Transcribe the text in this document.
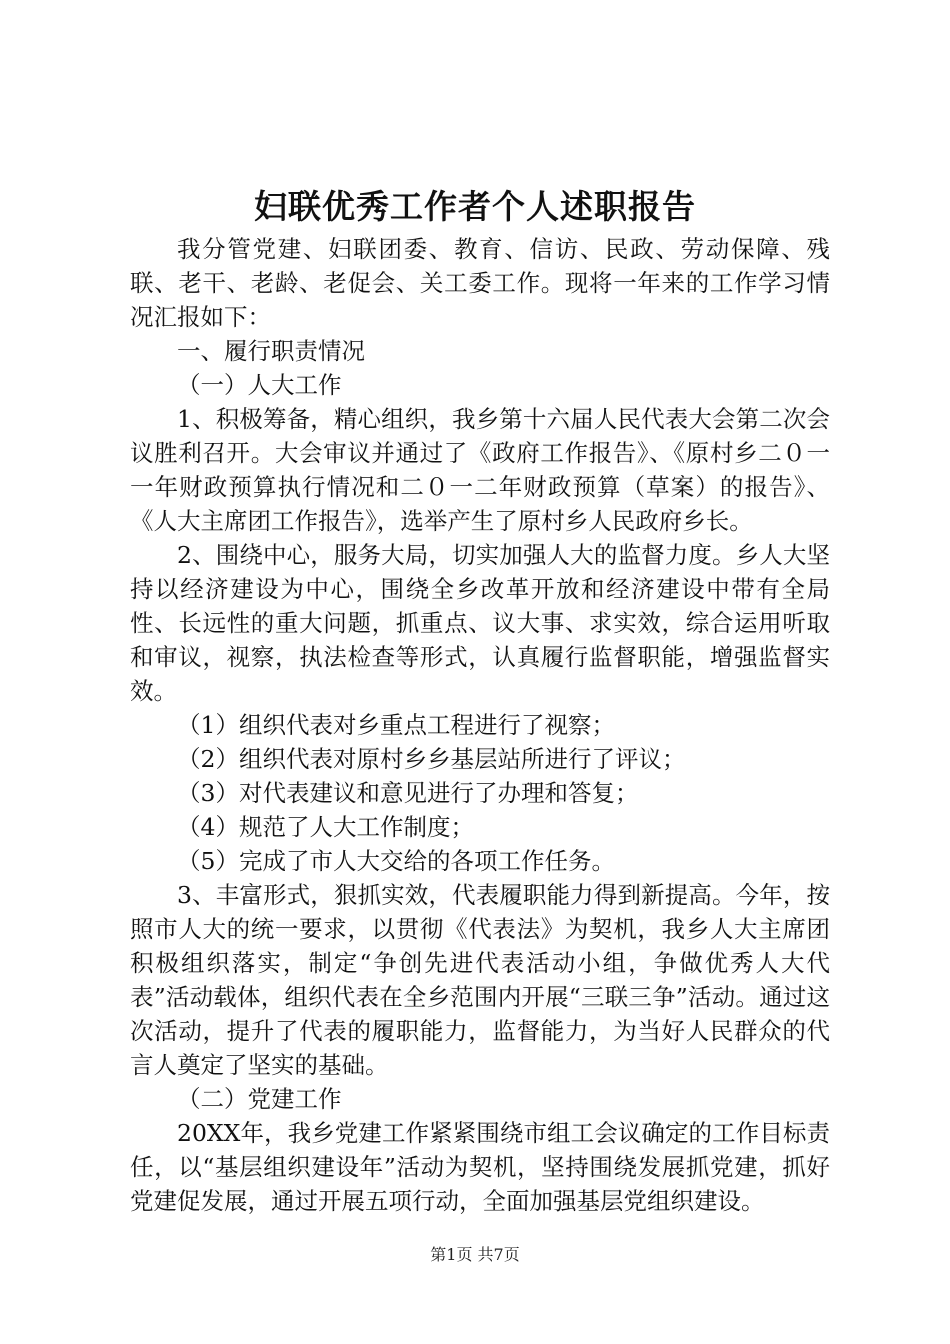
妇联优秀工作者个人述职报告

我分管党建、妇联团委、教育、信访、民政、劳动保障、残联、老干、老龄、老促会、关工委工作。现将一年来的工作学习情况汇报如下：

一、履行职责情况

（一）人大工作

1、积极筹备，精心组织，我乡第十六届人民代表大会第二次会议胜利召开。大会审议并通过了《政府工作报告》、《原村乡二０一一年财政预算执行情况和二０一二年财政预算（草案）的报告》、《人大主席团工作报告》，选举产生了原村乡人民政府乡长。

2、围绕中心，服务大局，切实加强人大的监督力度。乡人大坚持以经济建设为中心，围绕全乡改革开放和经济建设中带有全局性、长远性的重大问题，抓重点、议大事、求实效，综合运用听取和审议，视察，执法检查等形式，认真履行监督职能，增强监督实效。

（1）组织代表对乡重点工程进行了视察；

（2）组织代表对原村乡乡基层站所进行了评议；

（3）对代表建议和意见进行了办理和答复；

（4）规范了人大工作制度；

（5）完成了市人大交给的各项工作任务。

3、丰富形式，狠抓实效，代表履职能力得到新提高。今年，按照市人大的统一要求，以贯彻《代表法》为契机，我乡人大主席团积极组织落实，制定“争创先进代表活动小组，争做优秀人大代表”活动载体，组织代表在全乡范围内开展“三联三争”活动。通过这次活动，提升了代表的履职能力，监督能力，为当好人民群众的代言人奠定了坚实的基础。

（二）党建工作

20XX年，我乡党建工作紧紧围绕市组工会议确定的工作目标责任，以“基层组织建设年”活动为契机，坚持围绕发展抓党建，抓好党建促发展，通过开展五项行动，全面加强基层党组织建设。

第1页 共7页
